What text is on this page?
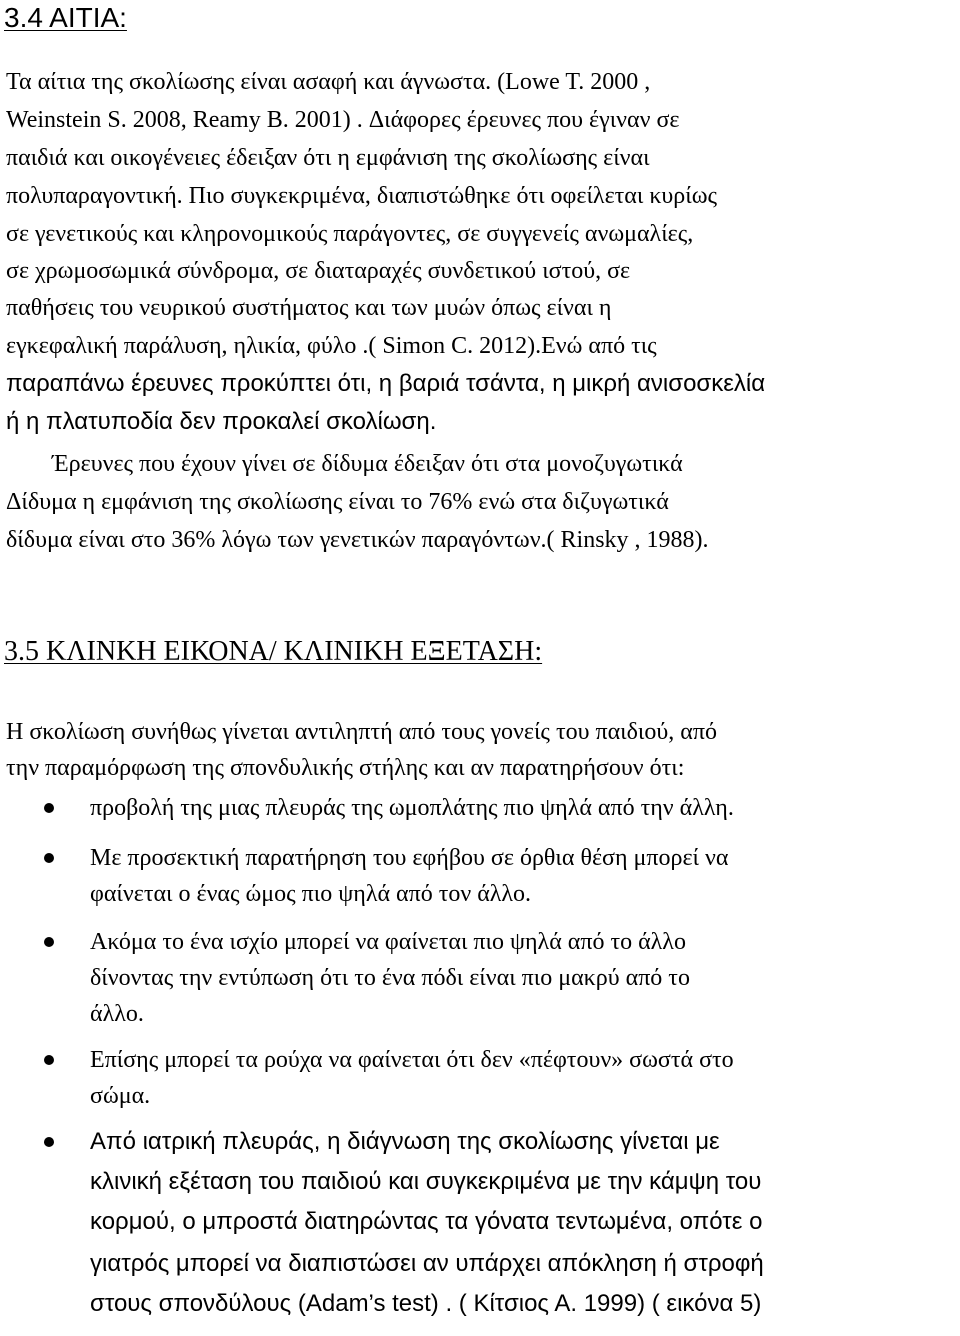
3.4 ΑΙΤΙΑ:
Τα αίτια της σκολίωσης είναι ασαφή και άγνωστα. (Lowe T. 2000 ,
Weinstein S. 2008, Reamy B. 2001) . Διάφορες έρευνες που έγιναν σε
παιδιά και οικογένειες έδειξαν ότι η εμφάνιση της σκολίωσης είναι
πολυπαραγοντική. Πιο συγκεκριμένα, διαπιστώθηκε ότι οφείλεται κυρίως
σε γενετικούς και κληρονομικούς παράγοντες, σε συγγενείς ανωμαλίες,
σε χρωμοσωμικά σύνδρομα, σε διαταραχές συνδετικού ιστού, σε
παθήσεις του νευρικού συστήματος και των μυών όπως είναι η
εγκεφαλική παράλυση, ηλικία, φύλο .( Simon C. 2012).Ενώ από τις
παραπάνω έρευνες προκύπτει ότι, η βαριά τσάντα, η μικρή ανισοσκελία
ή η πλατυποδία δεν προκαλεί σκολίωση.
Έρευνες που έχουν γίνει σε δίδυμα έδειξαν ότι στα μονοζυγωτικά
Δίδυμα η εμφάνιση της σκολίωσης είναι το 76% ενώ στα διζυγωτικά
δίδυμα είναι στο 36% λόγω των γενετικών παραγόντων.( Rinsky , 1988).
3.5 ΚΛΙΝΚΗ ΕΙΚΟΝΑ/ ΚΛΙΝΙΚΗ ΕΞΕΤΑΣΗ:
Η σκολίωση συνήθως γίνεται αντιληπτή από τους γονείς του παιδιού, από
την παραμόρφωση της σπονδυλικής στήλης και αν παρατηρήσουν ότι:
προβολή της μιας πλευράς της ωμοπλάτης πιο ψηλά από την άλλη.
Με προσεκτική παρατήρηση του εφήβου σε όρθια θέση μπορεί να
φαίνεται ο ένας ώμος πιο ψηλά από τον άλλο.
Ακόμα το ένα ισχίο μπορεί να φαίνεται πιο ψηλά από το άλλο
δίνοντας την εντύπωση ότι το ένα πόδι είναι πιο μακρύ από το
άλλο.
Επίσης μπορεί τα ρούχα να φαίνεται ότι δεν «πέφτουν» σωστά στο
σώμα.
Από ιατρική πλευράς, η διάγνωση της σκολίωσης γίνεται με
κλινική εξέταση του παιδιού και συγκεκριμένα με την κάμψη του
κορμού, ο μπροστά διατηρώντας τα γόνατα τεντωμένα, οπότε ο
γιατρός μπορεί να διαπιστώσει αν υπάρχει απόκληση ή στροφή
στους σπονδύλους (Adam’s test) . ( Κίτσιος Α. 1999) ( εικόνα 5)
